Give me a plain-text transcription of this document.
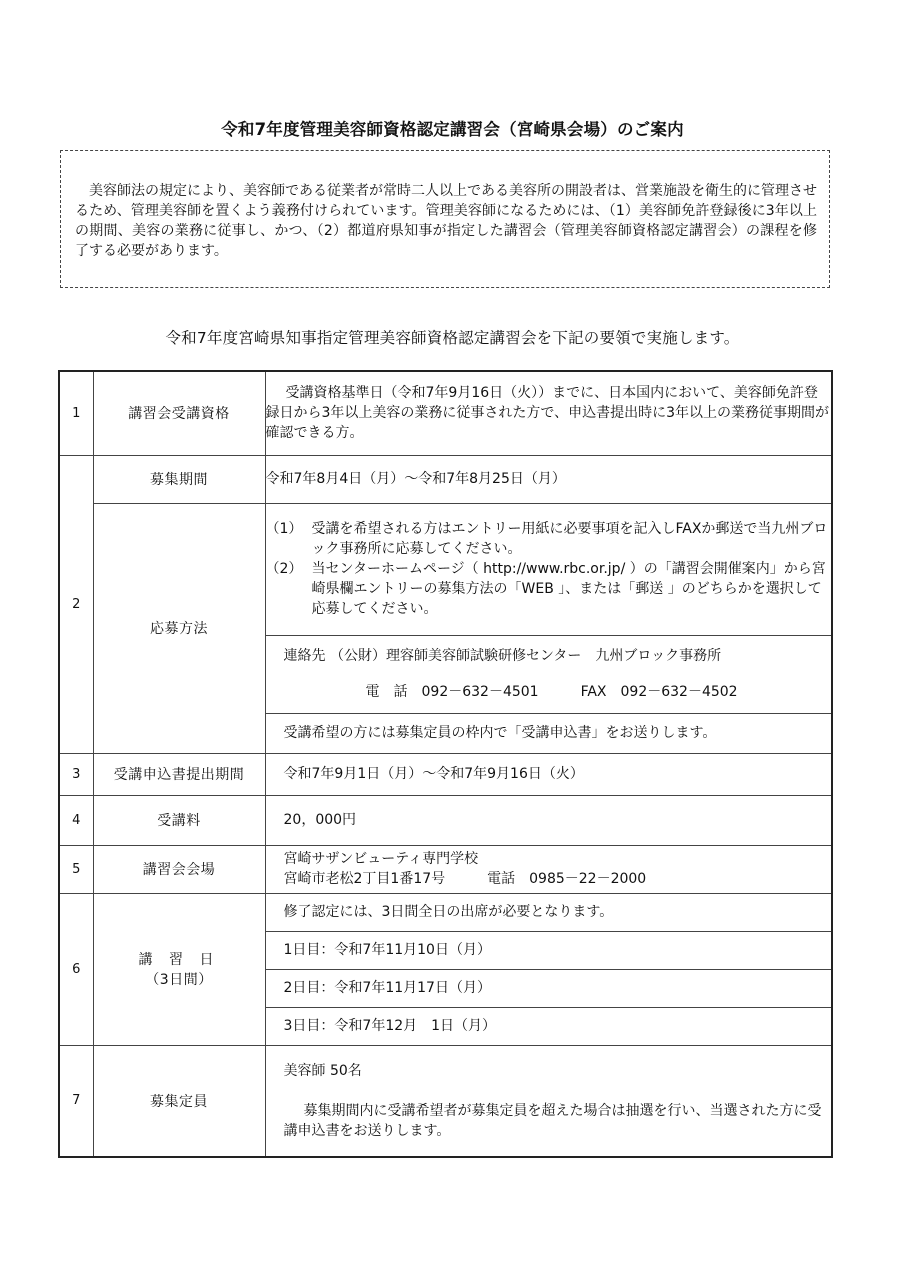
令和7年度管理美容師資格認定講習会（宮崎県会場）のご案内

美容師法の規定により、美容師である従業者が常時二人以上である美容所の開設者は、営業施設を衛生的に管理させるため、管理美容師を置くよう義務付けられています。管理美容師になるためには、（1）美容師免許登録後に3年以上の期間、美容の業務に従事し、かつ、（2）都道府県知事が指定した講習会（管理美容師資格認定講習会）の課程を修了する必要があります。

令和7年度宮崎県知事指定管理美容師資格認定講習会を下記の要領で実施します。
1	講習会受講資格	受講資格基準日（令和7年9月16日（火））までに、日本国内において、美容師免許登録日から3年以上美容の業務に従事された方で、申込書提出時に3年以上の業務従事期間が確認できる方。

2	募集期間	令和7年8月4日（月）～令和7年8月25日（月）
	応募方法	（1） 受講を希望される方はエントリー用紙に必要事項を記入しFAXか郵送で当九州ブロック事務所に応募してください。
（2） 当センターホームページ（ http://www.rbc.or.jp/ ）の「講習会開催案内」から宮崎県欄エントリーの募集方法の「WEB 」、または「郵送 」のどちらかを選択して応募してください。

		連絡先 （公財）理容師美容師試験研修センター　九州ブロック事務所
電　話　092－632－4501　　　FAX　092－632－4502

		受講希望の方には募集定員の枠内で「受講申込書」をお送りします。
3	受講申込書提出期間	令和7年9月1日（月）～令和7年9月16日（火）
4	受講料	20，000円
5	講習会会場	宮崎サザンビューティ専門学校
宮崎市老松2丁目1番17号　　　電話　0985－22－2000

6	講 習 日
（3日間）	修了認定には、3日間全日の出席が必要となります。
		1日目：令和7年11月10日（月）
		2日目：令和7年11月17日（月）
		3日目：令和7年12月　1日（月）
7	募集定員	美容師 50名
募集期間内に受講希望者が募集定員を超えた場合は抽選を行い、当選された方に受講申込書をお送りします。
